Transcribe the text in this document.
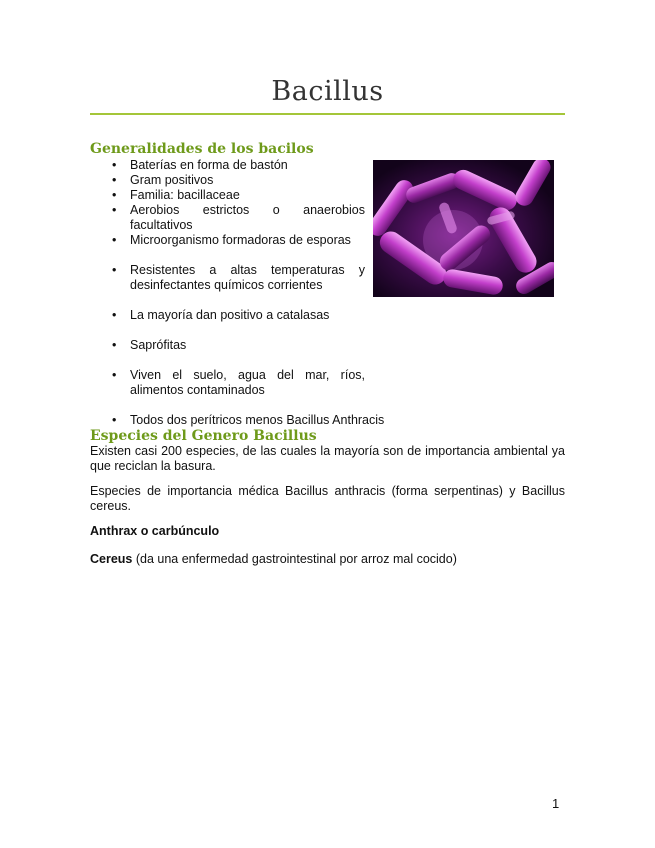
Bacillus
Generalidades de los bacilos
• Baterías en forma de bastón
• Gram positivos
• Familia: bacillaceae
• Aerobios estrictos o anaerobios facultativos
• Microorganismo formadoras de esporas
• Resistentes a altas temperaturas y desinfectantes químicos corrientes
• La mayoría dan positivo a catalasas
• Saprófitas
• Viven el suelo, agua del mar, ríos, alimentos contaminados
• Todos dos perítricos menos Bacillus Anthracis
Especies del Genero Bacillus

Existen casi 200 especies, de las cuales la mayoría son de importancia ambiental ya que reciclan la basura.

Especies de importancia médica Bacillus anthracis (forma serpentinas) y Bacillus cereus.

Anthrax o carbúnculo

Cereus (da una enfermedad gastrointestinal por arroz mal cocido)

1
